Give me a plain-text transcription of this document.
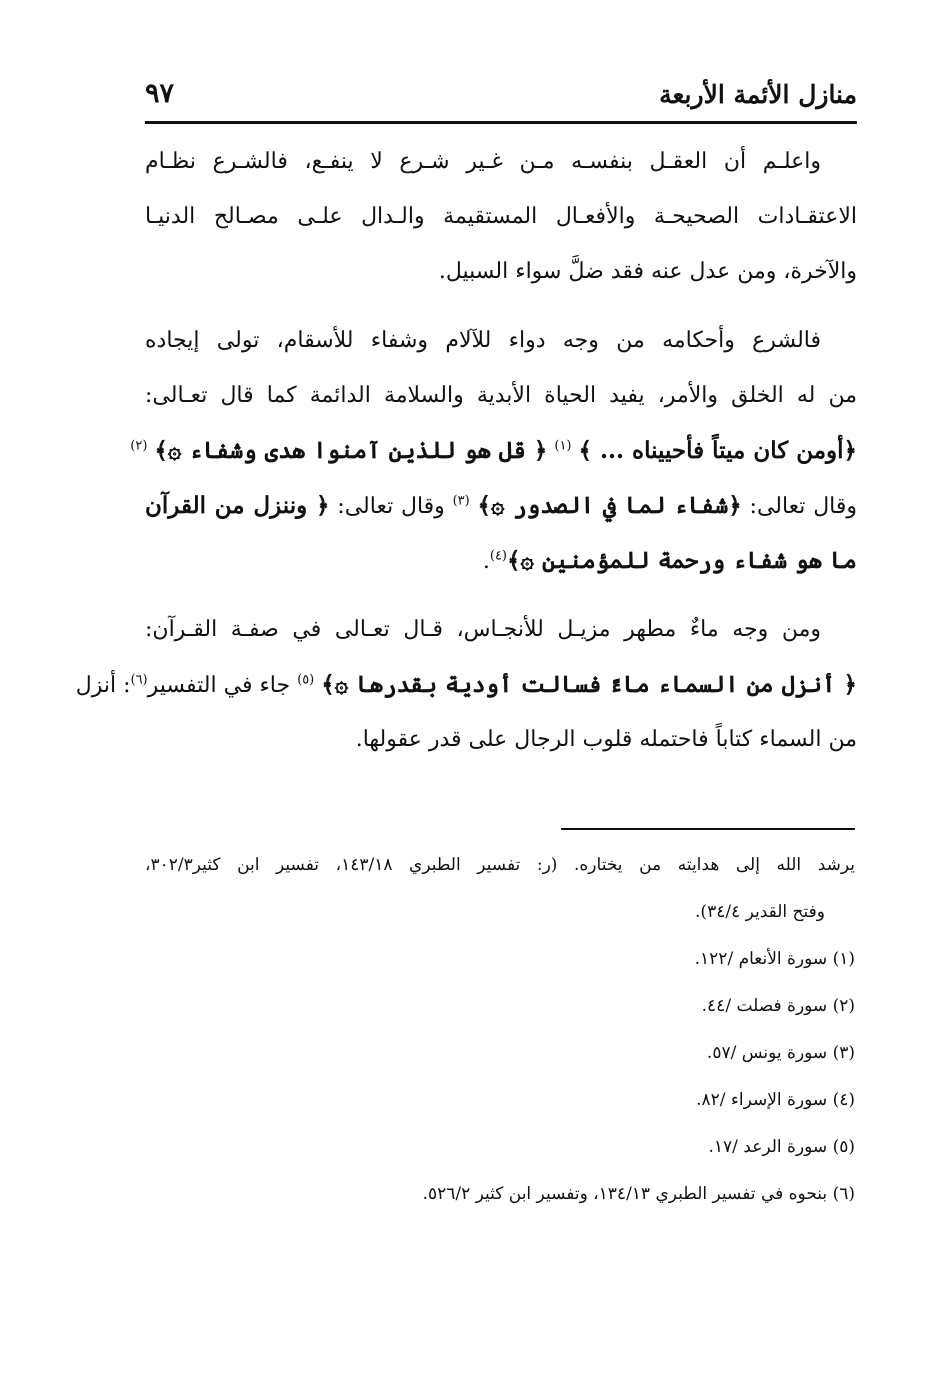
منازل الأئمة الأربعة
٩٧
واعلـم أن العقـل بنفسـه مـن غـير شـرع لا ينفـع، فالشـرع نظـام
الاعتقـادات الصحيحـة والأفعـال المستقيمة والـدال علـى مصـالح الدنيـا
والآخرة، ومن عدل عنه فقد ضلَّ سواء السبيل.
فالشرع وأحكامه من وجه دواء للآلام وشفاء للأسقام، تولى إيجاده
من له الخلق والأمر، يفيد الحياة الأبدية والسلامة الدائمة كما قال تعـالى:
﴿أومن كان ميتاً فأحييناه ... ﴾ $^{(١)}$ ﴿ قل هو للذين آمنوا هدى وشفاء ۞﴾ $^{(٢)}$
وقال تعالى: ﴿شفاء لما في الصدور ۞﴾ $^{(٣)}$ وقال تعالى: ﴿ وننزل من القرآن
ما هو شفاء ورحمة للمؤمنين ۞﴾$^{(٤)}$.
ومن وجه ماءٌ مطهر مزيـل للأنجـاس، قـال تعـالى في صفـة القـرآن:
﴿ أنزل من السماء ماءً فسالت أودية بقدرها ۞﴾ $^{(٥)}$ جاء في التفسير$^{(٦)}$: أنزل
من السماء كتاباً فاحتمله قلوب الرجال على قدر عقولها.
يرشد الله إلى هدايته من يختاره. (ر: تفسير الطبري ١٤٣/١٨، تفسير ابن كثير٣٠٢/٣،
وفتح القدير ٣٤/٤).
(١) سورة الأنعام /١٢٢.
(٢) سورة فصلت /٤٤.
(٣) سورة يونس /٥٧.
(٤) سورة الإسراء /٨٢.
(٥) سورة الرعد /١٧.
(٦) بنحوه في تفسير الطبري ١٣٤/١٣، وتفسير ابن كثير ٥٢٦/٢.
